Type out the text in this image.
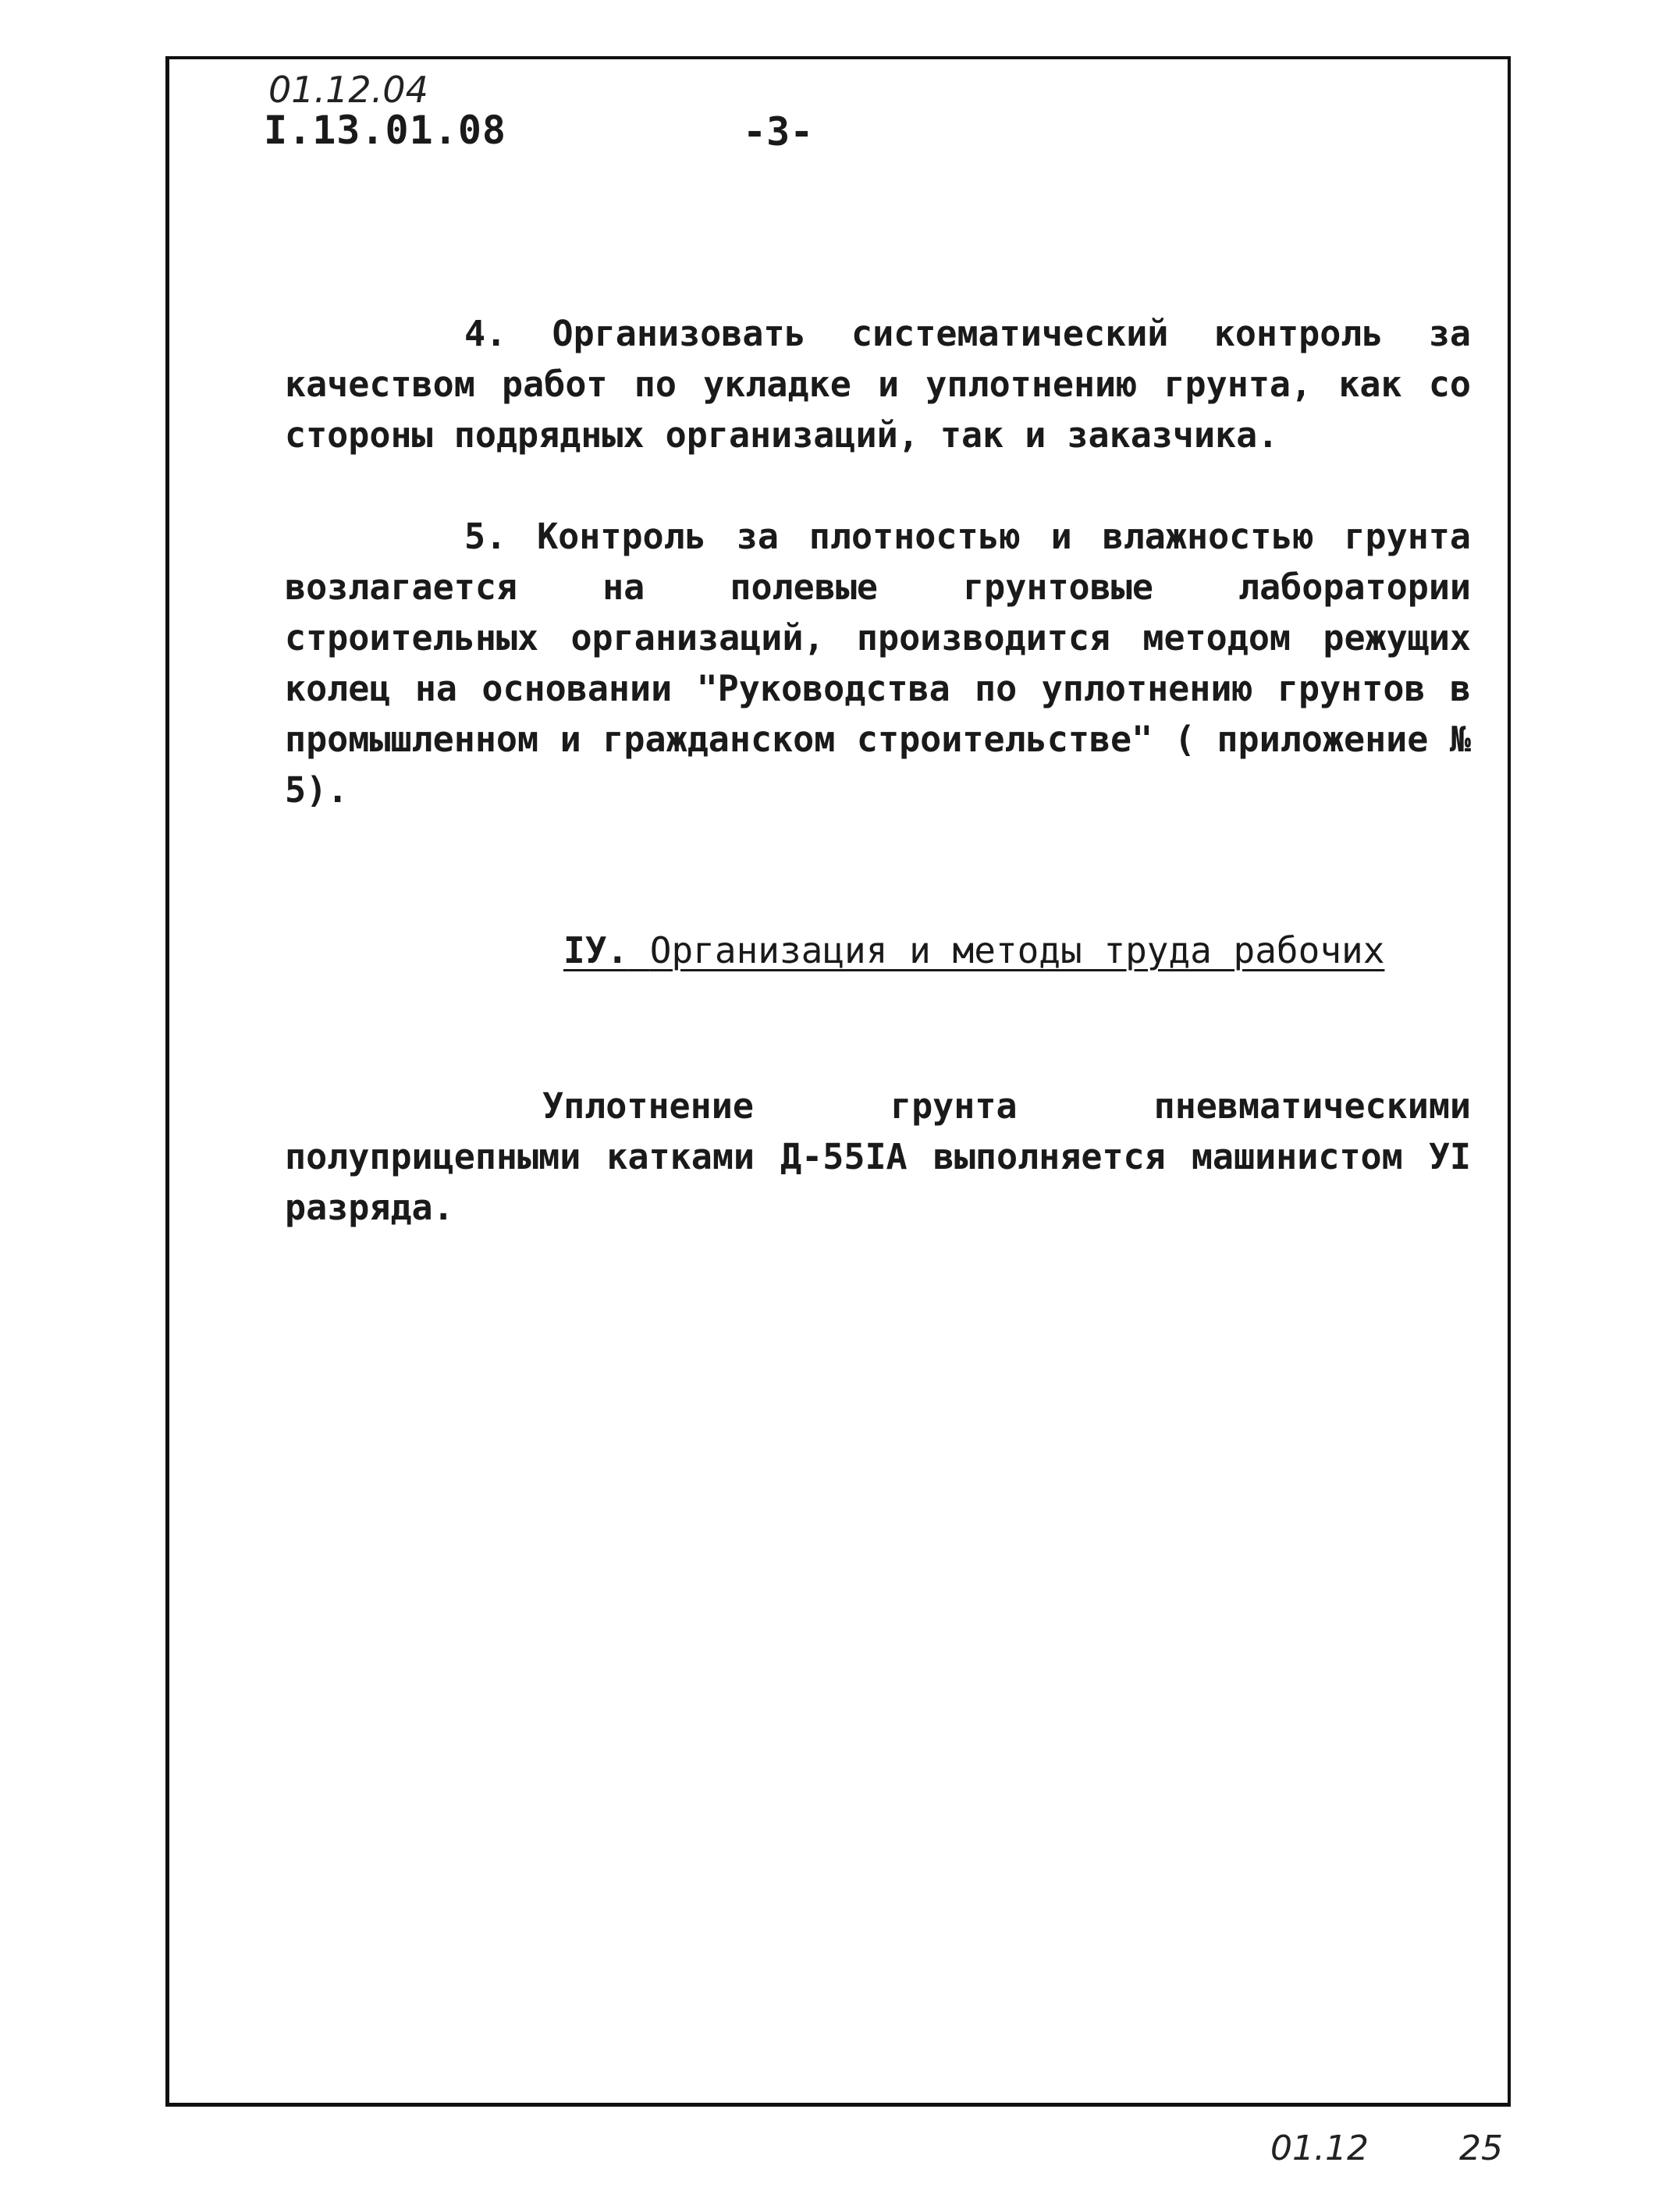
01.12.04
I.13.01.08	-3-

4. Организовать систематический контроль за качеством работ по укладке и уплотнению грунта, как со стороны подрядных организаций, так и заказчика.

5. Контроль за плотностью и влажностью грунта возлагается на полевые грунтовые лаборатории строительных организаций, производится методом режущих колец на основании "Руководства по уплотнению грунтов в промышленном и гражданском строительстве" ( приложение № 5).

IУ. Организация и методы труда рабочих

Уплотнение грунта пневматическими полуприцепными катками Д-55IA выполняется машинистом УI разряда.

01.12	25
